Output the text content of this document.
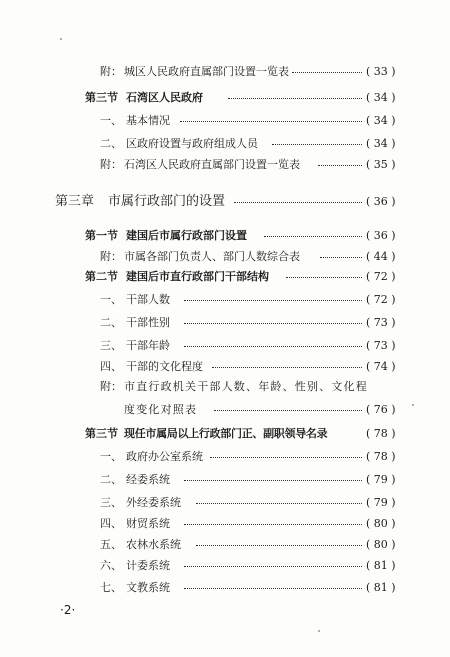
附： 城区人民政府直属部门设置一览表	( 33 )
第三节 石湾区人民政府	( 34 )
一、 基本情况	( 34 )
二、 区政府设置与政府组成人员	( 34 )
附： 石湾区人民政府直属部门设置一览表	( 35 )
第三章 市属行政部门的设置	( 36 )
第一节 建国后市属行政部门设置	( 36 )
附： 市属各部门负责人、部门人数综合表	( 44 )
第二节 建国后市直行政部门干部结构	( 72 )
一、 干部人数	( 72 )
二、 干部性别	( 73 )
三、 干部年龄	( 73 )
四、 干部的文化程度	( 74 )
附： 市直行政机关干部人数、年龄、性别、文化程
度变化对照表	( 76 )
第三节 现任市属局以上行政部门正、副职领导名录	( 78 )
一、 政府办公室系统	( 78 )
二、 经委系统	( 79 )
三、 外经委系统	( 79 )
四、 财贸系统	( 80 )
五、 农林水系统	( 80 )
六、 计委系统	( 81 )
七、 文教系统	( 81 )
·2·
